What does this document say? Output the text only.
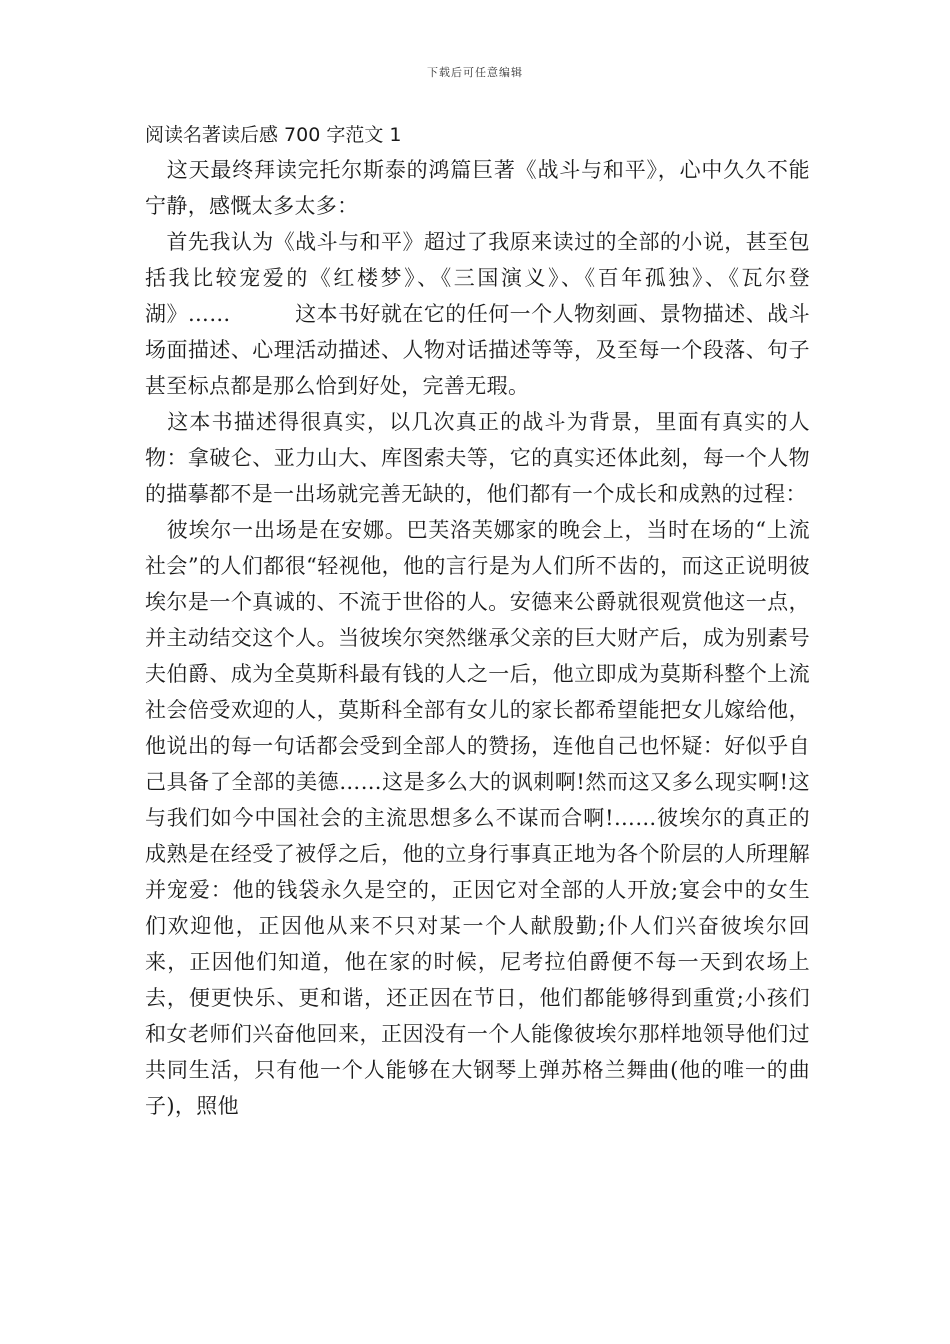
下载后可任意编辑
阅读名著读后感 700 字范文 1

　这天最终拜读完托尔斯泰的鸿篇巨著《战斗与和平》，心中久久不能宁静，感慨太多太多：

　首先我认为《战斗与和平》超过了我原来读过的全部的小说，甚至包括我比较宠爱的《红楼梦》、《三国演义》、《百年孤独》、《瓦尔登湖》……　　　这本书好就在它的任何一个人物刻画、景物描述、战斗场面描述、心理活动描述、人物对话描述等等，及至每一个段落、句子甚至标点都是那么恰到好处，完善无瑕。

　这本书描述得很真实，以几次真正的战斗为背景，里面有真实的人物：拿破仑、亚力山大、库图索夫等，它的真实还体此刻，每一个人物的描摹都不是一出场就完善无缺的，他们都有一个成长和成熟的过程：

　彼埃尔一出场是在安娜。巴芙洛芙娜家的晚会上，当时在场的“上流社会”的人们都很“轻视他，他的言行是为人们所不齿的，而这正说明彼埃尔是一个真诚的、不流于世俗的人。安德来公爵就很观赏他这一点，并主动结交这个人。当彼埃尔突然继承父亲的巨大财产后，成为别素号夫伯爵、成为全莫斯科最有钱的人之一后，他立即成为莫斯科整个上流社会倍受欢迎的人，莫斯科全部有女儿的家长都希望能把女儿嫁给他，他说出的每一句话都会受到全部人的赞扬，连他自己也怀疑：好似乎自己具备了全部的美德……这是多么大的讽刺啊!然而这又多么现实啊!这与我们如今中国社会的主流思想多么不谋而合啊!……彼埃尔的真正的成熟是在经受了被俘之后，他的立身行事真正地为各个阶层的人所理解并宠爱：他的钱袋永久是空的，正因它对全部的人开放;宴会中的女生们欢迎他，正因他从来不只对某一个人献殷勤;仆人们兴奋彼埃尔回来，正因他们知道，他在家的时候，尼考拉伯爵便不每一天到农场上去，便更快乐、更和谐，还正因在节日，他们都能够得到重赏;小孩们和女老师们兴奋他回来，正因没有一个人能像彼埃尔那样地领导他们过共同生活，只有他一个人能够在大钢琴上弹苏格兰舞曲(他的唯一的曲子)，照他
